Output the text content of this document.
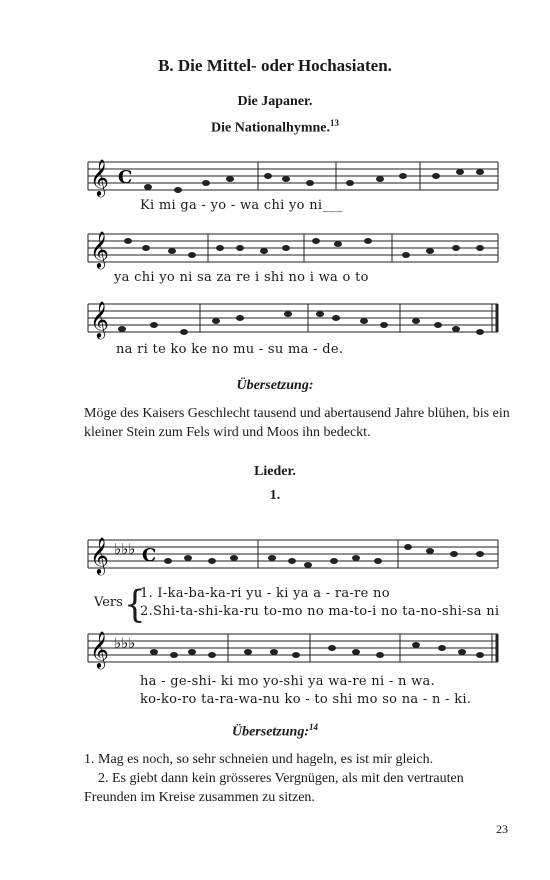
B. Die Mittel- oder Hochasiaten.
Die Japaner.
Die Nationalhymne.$^{13}$
𝄞 C
Ki mi ga - yo - wa chi yo ni___
𝄞
ya chi yo ni sa za re i shi no i wa o to
𝄞
na ri te ko ke no mu - su ma - de.
Übersetzung:
Möge des Kaisers Geschlecht tausend und abertausend Jahre blühen, bis ein kleiner Stein zum Fels wird und Moos ihn bedeckt.
Lieder.
1.
𝄞 ♭♭♭ C
Vers {
1. I-ka-ba-ka-ri yu - ki ya a - ra-re no
2.Shi-ta-shi-ka-ru to-mo no ma-to-i no ta-no-shi-sa ni
𝄞 ♭♭♭
ha - ge-shi- ki mo yo-shi ya wa-re ni - n wa.
ko-ko-ro ta-ra-wa-nu ko - to shi mo so na - n - ki.
Übersetzung:$^{14}$
1. Mag es noch, so sehr schneien und hageln, es ist mir gleich.
2. Es giebt dann kein grösseres Vergnügen, als mit den vertrauten Freunden im Kreise zusammen zu sitzen.
23
